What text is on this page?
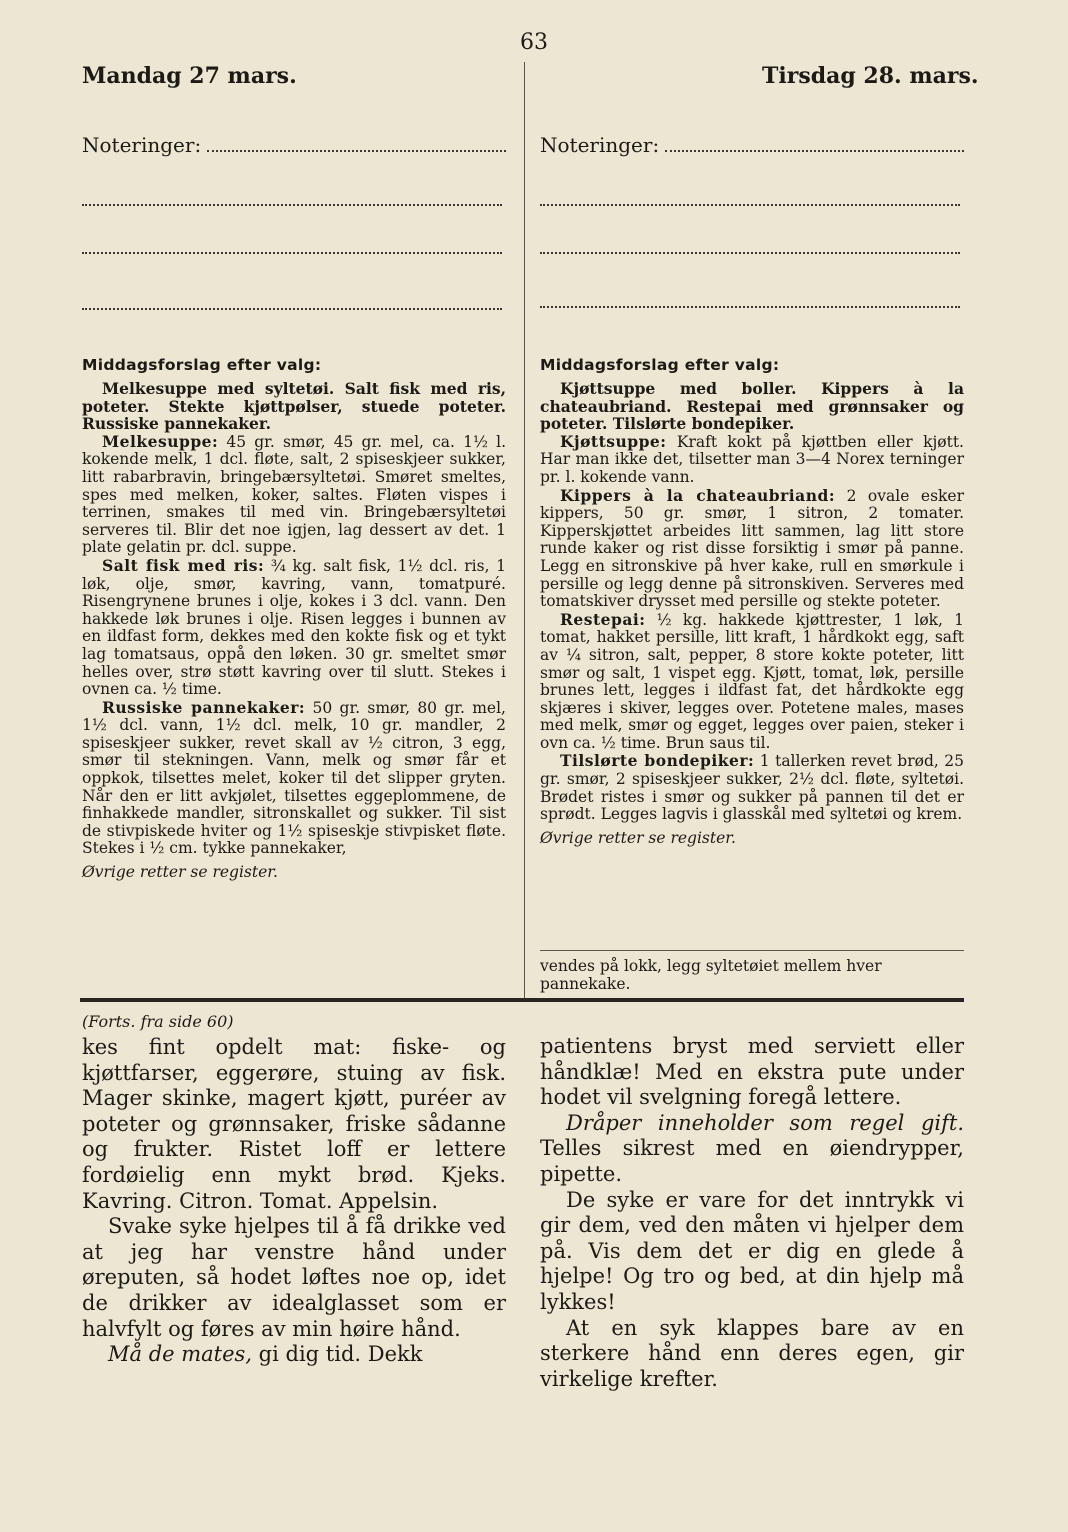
63
Mandag 27 mars.	Tirsdag 28. mars.
Noteringer:	Noteringer:
Middagsforslag efter valg:

Melkesuppe med syltetøi. Salt fisk med ris, poteter. Stekte kjøttpølser, stuede poteter. Russiske pannekaker.

Melkesuppe: 45 gr. smør, 45 gr. mel, ca. 1½ l. kokende melk, 1 dcl. fløte, salt, 2 spiseskjeer sukker, litt rabarbravin, bringebærsyltetøi. Smøret smeltes, spes med melken, koker, saltes. Fløten vispes i terrinen, smakes til med vin. Bringebærsyltetøi serveres til. Blir det noe igjen, lag dessert av det. 1 plate gelatin pr. dcl. suppe.

Salt fisk med ris: ¾ kg. salt fisk, 1½ dcl. ris, 1 løk, olje, smør, kavring, vann, tomatpuré. Risengrynene brunes i olje, kokes i 3 dcl. vann. Den hakkede løk brunes i olje. Risen legges i bunnen av en ildfast form, dekkes med den kokte fisk og et tykt lag tomatsaus, oppå den løken. 30 gr. smeltet smør helles over, strø støtt kavring over til slutt. Stekes i ovnen ca. ½ time.

Russiske pannekaker: 50 gr. smør, 80 gr. mel, 1½ dcl. vann, 1½ dcl. melk, 10 gr. mandler, 2 spiseskjeer sukker, revet skall av ½ citron, 3 egg, smør til stekningen. Vann, melk og smør får et oppkok, tilsettes melet, koker til det slipper gryten. Når den er litt avkjølet, tilsettes eggeplommene, de finhakkede mandler, sitronskallet og sukker. Til sist de stivpiskede hviter og 1½ spiseskje stivpisket fløte. Stekes i ½ cm. tykke pannekaker,

Øvrige retter se register.

Middagsforslag efter valg:

Kjøttsuppe med boller. Kippers à la chateaubriand. Restepai med grønnsaker og poteter. Tilslørte bondepiker.

Kjøttsuppe: Kraft kokt på kjøttben eller kjøtt. Har man ikke det, tilsetter man 3—4 Norex terninger pr. l. kokende vann.

Kippers à la chateaubriand: 2 ovale esker kippers, 50 gr. smør, 1 sitron, 2 tomater. Kipperskjøttet arbeides litt sammen, lag litt store runde kaker og rist disse forsiktig i smør på panne. Legg en sitronskive på hver kake, rull en smørkule i persille og legg denne på sitronskiven. Serveres med tomatskiver drysset med persille og stekte poteter.

Restepai: ½ kg. hakkede kjøttrester, 1 løk, 1 tomat, hakket persille, litt kraft, 1 hårdkokt egg, saft av ¼ sitron, salt, pepper, 8 store kokte poteter, litt smør og salt, 1 vispet egg. Kjøtt, tomat, løk, persille brunes lett, legges i ildfast fat, det hårdkokte egg skjæres i skiver, legges over. Potetene males, mases med melk, smør og egget, legges over paien, steker i ovn ca. ½ time. Brun saus til.

Tilslørte bondepiker: 1 tallerken revet brød, 25 gr. smør, 2 spiseskjeer sukker, 2½ dcl. fløte, syltetøi. Brødet ristes i smør og sukker på pannen til det er sprødt. Legges lagvis i glasskål med syltetøi og krem.

Øvrige retter se register.

vendes på lokk, legg syltetøiet mellem hver pannekake.
(Forts. fra side 60)

kes fint opdelt mat: fiske- og kjøttfarser, eggerøre, stuing av fisk. Mager skinke, magert kjøtt, puréer av poteter og grønnsaker, friske sådanne og frukter. Ristet loff er lettere fordøielig enn mykt brød. Kjeks. Kavring. Citron. Tomat. Appelsin.

Svake syke hjelpes til å få drikke ved at jeg har venstre hånd under øreputen, så hodet løftes noe op, idet de drikker av idealglasset som er halvfylt og føres av min høire hånd.

Må de mates, gi dig tid. Dekk

patientens bryst med serviett eller håndklæ! Med en ekstra pute under hodet vil svelgning foregå lettere.

Dråper inneholder som regel gift. Telles sikrest med en øiendrypper, pipette.

De syke er vare for det inntrykk vi gir dem, ved den måten vi hjelper dem på. Vis dem det er dig en glede å hjelpe! Og tro og bed, at din hjelp må lykkes!

At en syk klappes bare av en sterkere hånd enn deres egen, gir virkelige krefter.
